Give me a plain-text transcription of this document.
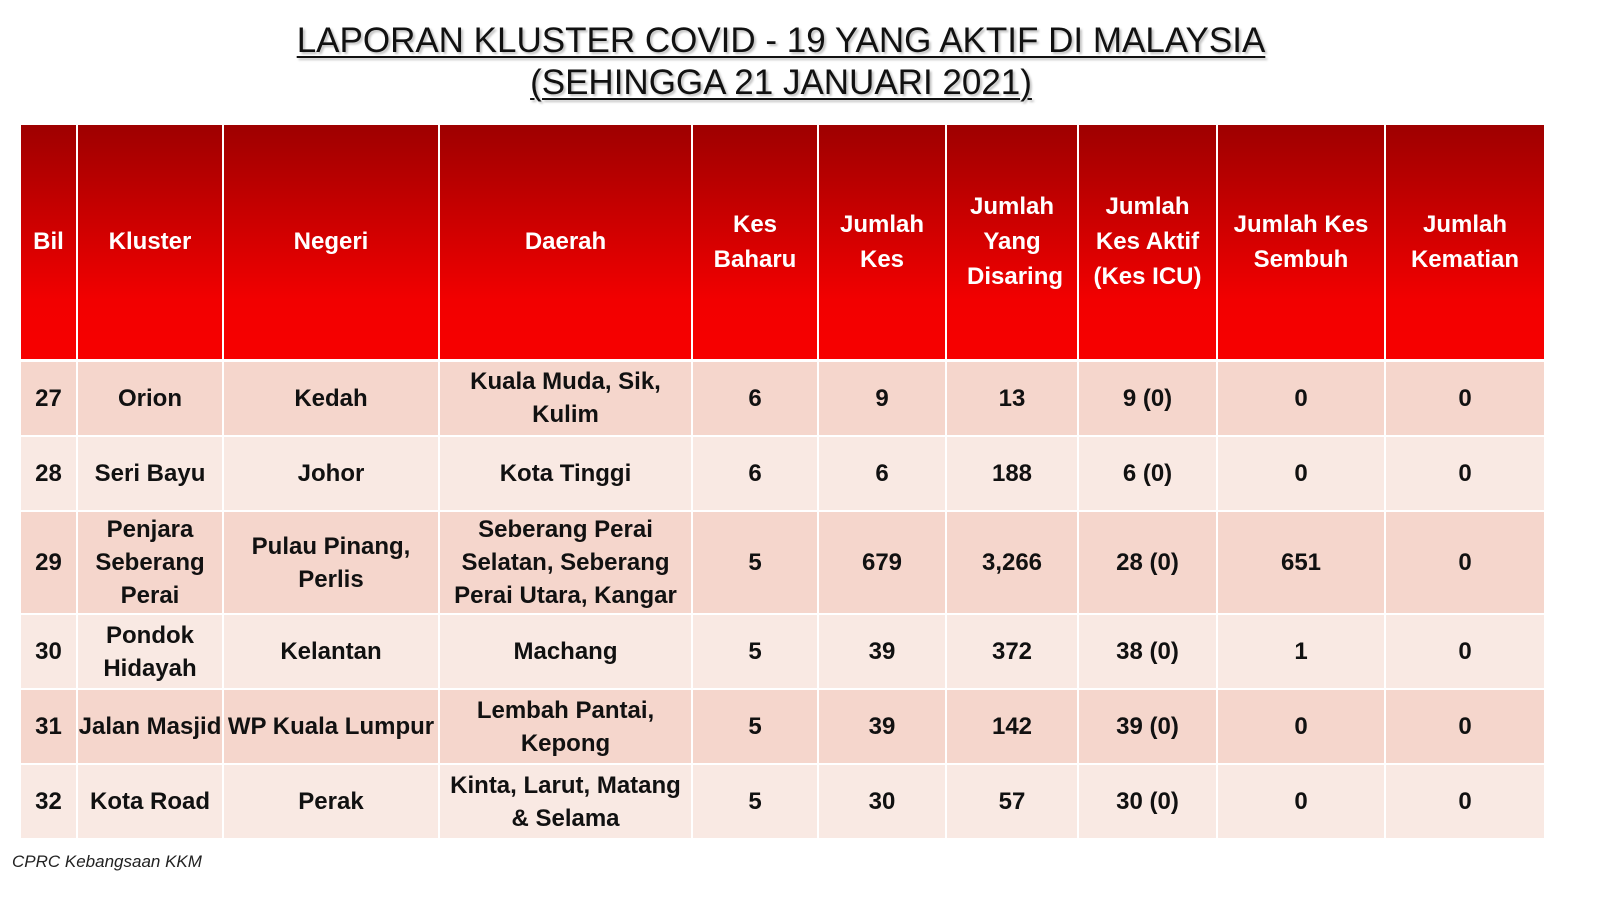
LAPORAN KLUSTER COVID - 19 YANG AKTIF DI MALAYSIA
(SEHINGGA 21 JANUARI 2021)
Bil	Kluster	Negeri	Daerah	Kes Baharu	Jumlah Kes	Jumlah Yang Disaring	Jumlah Kes Aktif (Kes ICU)	Jumlah Kes Sembuh	Jumlah Kematian
27	Orion	Kedah	Kuala Muda, Sik, Kulim	6	9	13	9 (0)	0	0
28	Seri Bayu	Johor	Kota Tinggi	6	6	188	6 (0)	0	0
29	Penjara Seberang Perai	Pulau Pinang, Perlis	Seberang Perai Selatan, Seberang Perai Utara, Kangar	5	679	3,266	28 (0)	651	0
30	Pondok Hidayah	Kelantan	Machang	5	39	372	38 (0)	1	0
31	Jalan Masjid	WP Kuala Lumpur	Lembah Pantai, Kepong	5	39	142	39 (0)	0	0
32	Kota Road	Perak	Kinta, Larut, Matang & Selama	5	30	57	30 (0)	0	0
CPRC Kebangsaan KKM
